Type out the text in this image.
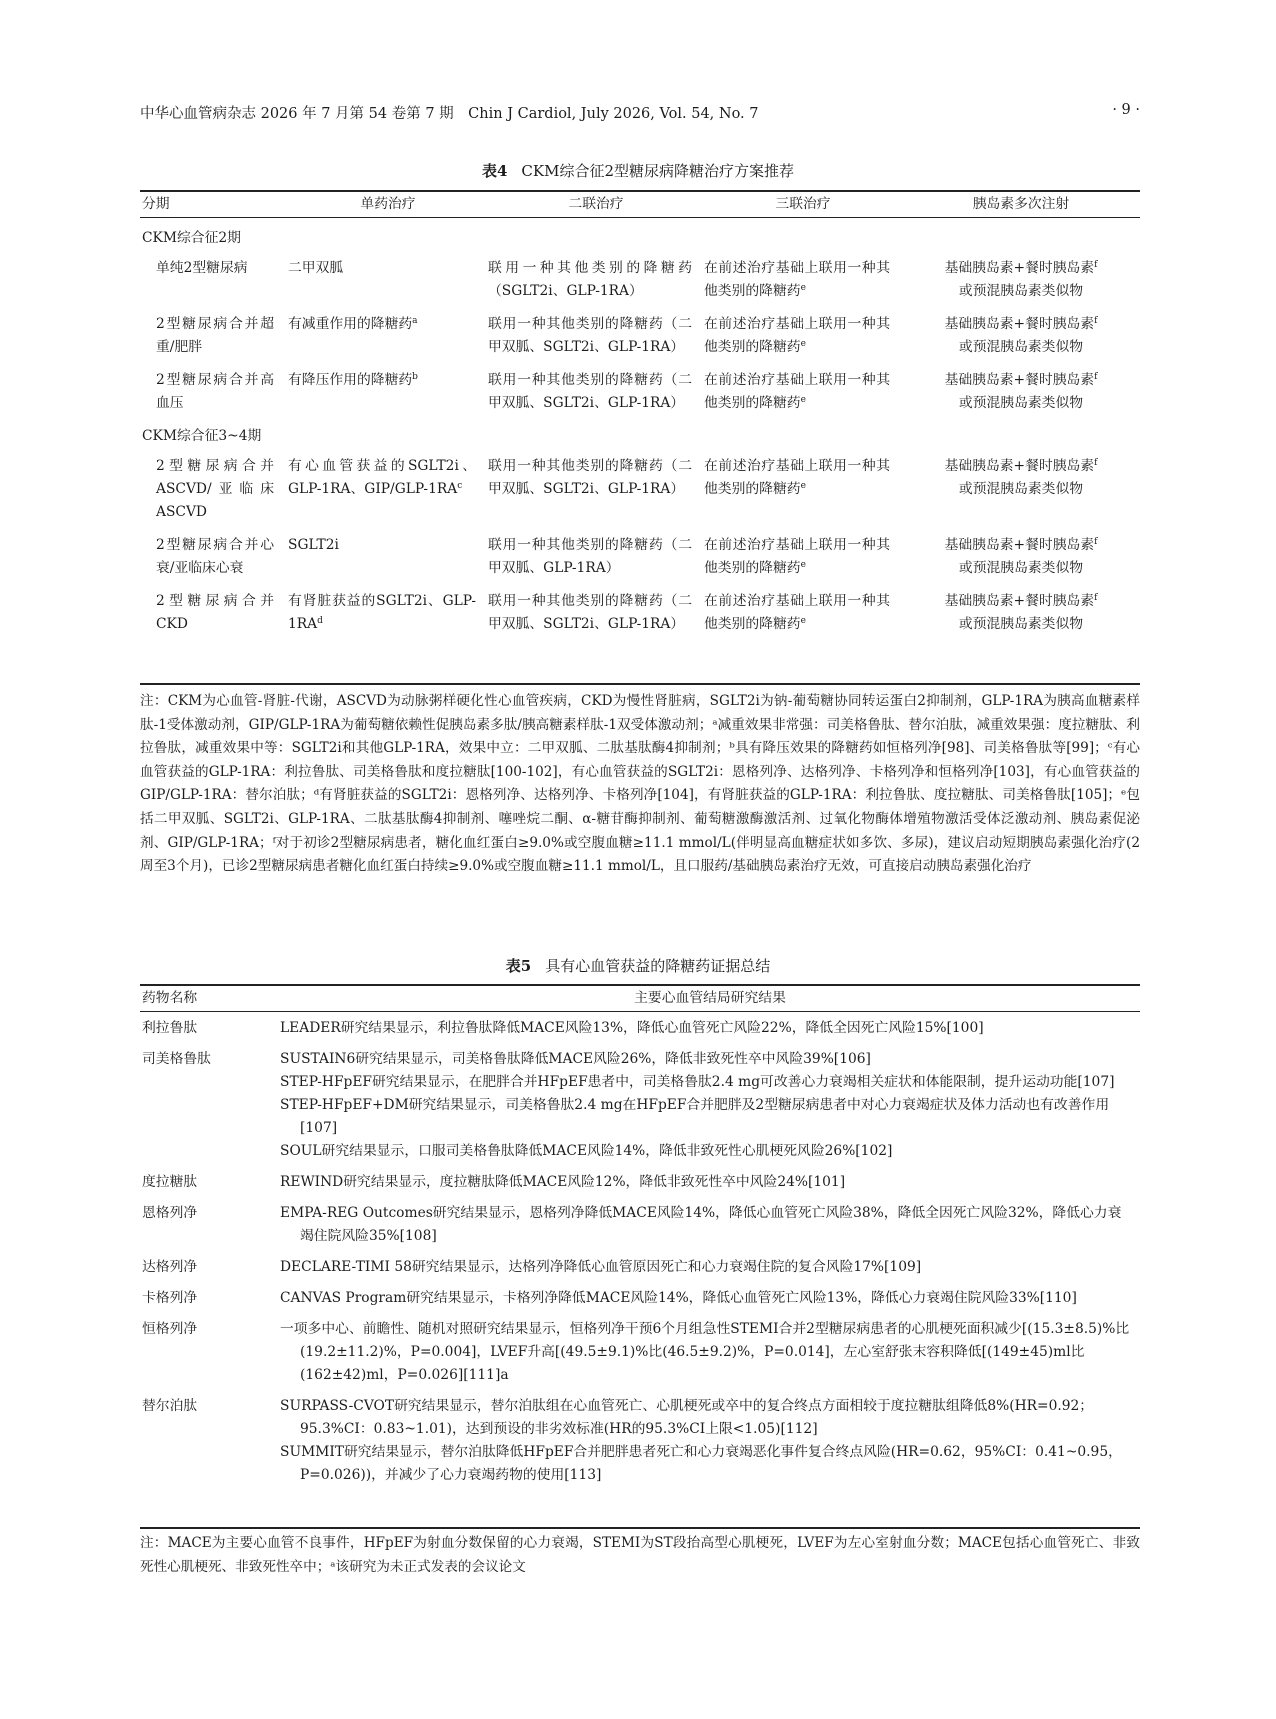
中华心血管病杂志 2026 年 7 月第 54 卷第 7 期　Chin J Cardiol, July 2026, Vol. 54, No. 7	· 9 ·
表4 CKM综合征2型糖尿病降糖治疗方案推荐
分期	单药治疗	二联治疗	三联治疗	胰岛素多次注射
CKM综合征2期				
单纯2型糖尿病	二甲双胍	联用一种其他类别的降糖药（SGLT2i、GLP-1RA）	在前述治疗基础上联用一种其他类别的降糖药$^e$	基础胰岛素+餐时胰岛素$^f$
或预混胰岛素类似物
2型糖尿病合并超重/肥胖	有减重作用的降糖药$^a$	联用一种其他类别的降糖药（二甲双胍、SGLT2i、GLP-1RA）	在前述治疗基础上联用一种其他类别的降糖药$^e$	基础胰岛素+餐时胰岛素$^f$
或预混胰岛素类似物
2型糖尿病合并高血压	有降压作用的降糖药$^b$	联用一种其他类别的降糖药（二甲双胍、SGLT2i、GLP-1RA）	在前述治疗基础上联用一种其他类别的降糖药$^e$	基础胰岛素+餐时胰岛素$^f$
或预混胰岛素类似物
CKM综合征3~4期				
2型糖尿病合并ASCVD/亚临床ASCVD	有心血管获益的SGLT2i、GLP-1RA、GIP/$GLP-1RA^c$	联用一种其他类别的降糖药（二甲双胍、SGLT2i、GLP-1RA）	在前述治疗基础上联用一种其他类别的降糖药$^e$	基础胰岛素+餐时胰岛素$^f$
或预混胰岛素类似物
2型糖尿病合并心衰/亚临床心衰	SGLT2i	联用一种其他类别的降糖药（二甲双胍、GLP-1RA）	在前述治疗基础上联用一种其他类别的降糖药$^e$	基础胰岛素+餐时胰岛素$^f$
或预混胰岛素类似物
2型糖尿病合并CKD	有肾脏获益的SGLT2i、GLP-$1RA^d$	联用一种其他类别的降糖药（二甲双胍、SGLT2i、GLP-1RA）	在前述治疗基础上联用一种其他类别的降糖药$^e$	基础胰岛素+餐时胰岛素$^f$
或预混胰岛素类似物
注：CKM为心血管-肾脏-代谢，ASCVD为动脉粥样硬化性心血管疾病，CKD为慢性肾脏病，SGLT2i为钠-葡萄糖协同转运蛋白2抑制剂，GLP-1RA为胰高血糖素样肽-1受体激动剂，GIP/GLP-1RA为葡萄糖依赖性促胰岛素多肽/胰高糖素样肽-1双受体激动剂；ᵃ减重效果非常强：司美格鲁肽、替尔泊肽，减重效果强：度拉糖肽、利拉鲁肽，减重效果中等：SGLT2i和其他GLP-1RA，效果中立：二甲双胍、二肽基肽酶4抑制剂；ᵇ具有降压效果的降糖药如恒格列净[98]、司美格鲁肽等[99]；ᶜ有心血管获益的GLP-1RA：利拉鲁肽、司美格鲁肽和度拉糖肽[100-102]，有心血管获益的SGLT2i：恩格列净、达格列净、卡格列净和恒格列净[103]，有心血管获益的GIP/GLP-1RA：替尔泊肽；ᵈ有肾脏获益的SGLT2i：恩格列净、达格列净、卡格列净[104]，有肾脏获益的GLP-1RA：利拉鲁肽、度拉糖肽、司美格鲁肽[105]；ᵉ包括二甲双胍、SGLT2i、GLP-1RA、二肽基肽酶4抑制剂、噻唑烷二酮、α-糖苷酶抑制剂、葡萄糖激酶激活剂、过氧化物酶体增殖物激活受体泛激动剂、胰岛素促泌剂、GIP/GLP-1RA；ᶠ对于初诊2型糖尿病患者，糖化血红蛋白≥9.0%或空腹血糖≥11.1 mmol/L(伴明显高血糖症状如多饮、多尿)，建议启动短期胰岛素强化治疗(2周至3个月)，已诊2型糖尿病患者糖化血红蛋白持续≥9.0%或空腹血糖≥11.1 mmol/L，且口服药/基础胰岛素治疗无效，可直接启动胰岛素强化治疗
表5 具有心血管获益的降糖药证据总结
药物名称	主要心血管结局研究结果
利拉鲁肽	LEADER研究结果显示，利拉鲁肽降低MACE风险13%，降低心血管死亡风险22%，降低全因死亡风险15%[100]

司美格鲁肽	SUSTAIN6研究结果显示，司美格鲁肽降低MACE风险26%，降低非致死性卒中风险39%[106]
STEP-HFpEF研究结果显示，在肥胖合并HFpEF患者中，司美格鲁肽2.4 mg可改善心力衰竭相关症状和体能限制，提升运动功能[107]
STEP-HFpEF+DM研究结果显示，司美格鲁肽2.4 mg在HFpEF合并肥胖及2型糖尿病患者中对心力衰竭症状及体力活动也有改善作用[107]
SOUL研究结果显示，口服司美格鲁肽降低MACE风险14%，降低非致死性心肌梗死风险26%[102]

度拉糖肽	REWIND研究结果显示，度拉糖肽降低MACE风险12%，降低非致死性卒中风险24%[101]

恩格列净	EMPA-REG Outcomes研究结果显示，恩格列净降低MACE风险14%，降低心血管死亡风险38%，降低全因死亡风险32%，降低心力衰竭住院风险35%[108]

达格列净	DECLARE-TIMI 58研究结果显示，达格列净降低心血管原因死亡和心力衰竭住院的复合风险17%[109]

卡格列净	CANVAS Program研究结果显示，卡格列净降低MACE风险14%，降低心血管死亡风险13%，降低心力衰竭住院风险33%[110]

恒格列净	一项多中心、前瞻性、随机对照研究结果显示，恒格列净干预6个月组急性STEMI合并2型糖尿病患者的心肌梗死面积减少[(15.3±8.5)%比(19.2±11.2)%，P=0.004]，LVEF升高[(49.5±9.1)%比(46.5±9.2)%，P=0.014]，左心室舒张末容积降低[(149±45)ml比(162±42)ml，P=0.026][111]a

替尔泊肽	SURPASS-CVOT研究结果显示，替尔泊肽组在心血管死亡、心肌梗死或卒中的复合终点方面相较于度拉糖肽组降低8%(HR=0.92；95.3%CI：0.83~1.01)，达到预设的非劣效标准(HR的95.3%CI上限<1.05)[112]
SUMMIT研究结果显示，替尔泊肽降低HFpEF合并肥胖患者死亡和心力衰竭恶化事件复合终点风险(HR=0.62，95%CI：0.41~0.95，P=0.026))，并减少了心力衰竭药物的使用[113]
注：MACE为主要心血管不良事件，HFpEF为射血分数保留的心力衰竭，STEMI为ST段抬高型心肌梗死，LVEF为左心室射血分数；MACE包括心血管死亡、非致死性心肌梗死、非致死性卒中；ᵃ该研究为未正式发表的会议论文
